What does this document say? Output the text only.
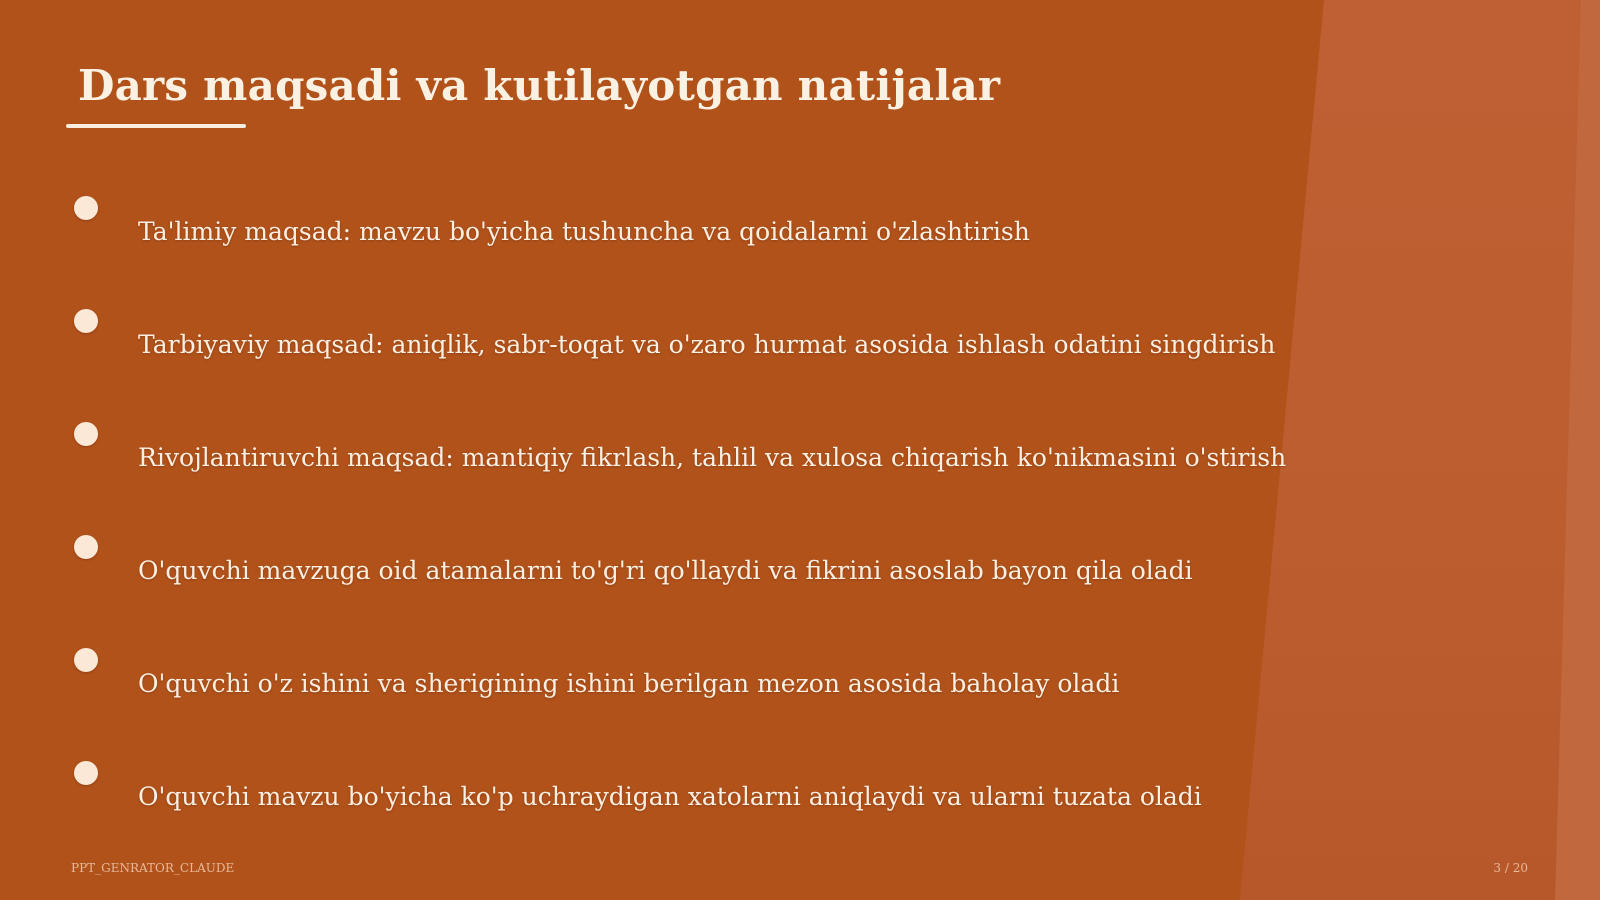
Dars maqsadi va kutilayotgan natijalar
Ta'limiy maqsad: mavzu bo'yicha tushuncha va qoidalarni o'zlashtirish
Tarbiyaviy maqsad: aniqlik, sabr-toqat va o'zaro hurmat asosida ishlash odatini singdirish
Rivojlantiruvchi maqsad: mantiqiy fikrlash, tahlil va xulosa chiqarish ko'nikmasini o'stirish
O'quvchi mavzuga oid atamalarni to'g'ri qo'llaydi va fikrini asoslab bayon qila oladi
O'quvchi o'z ishini va sherigining ishini berilgan mezon asosida baholay oladi
O'quvchi mavzu bo'yicha ko'p uchraydigan xatolarni aniqlaydi va ularni tuzata oladi
PPT_GENRATOR_CLAUDE	3 / 20
